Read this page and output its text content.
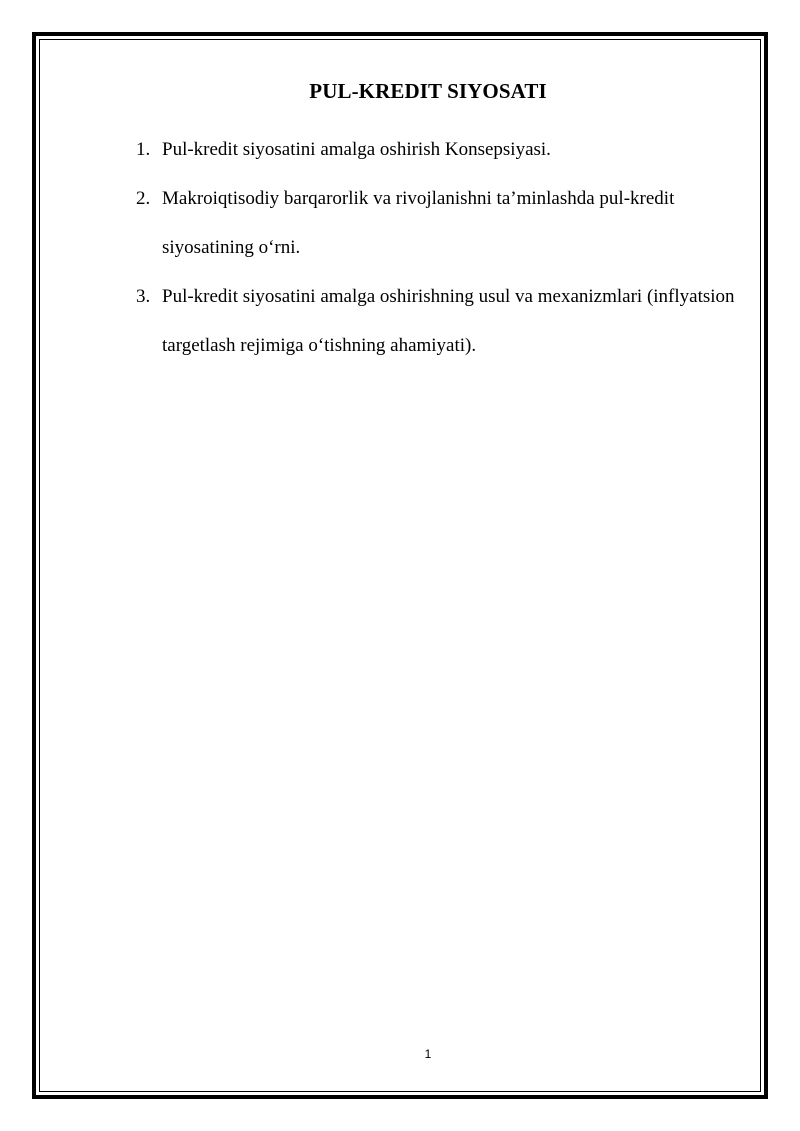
PUL-KREDIT SIYOSATI
1. Pul-kredit siyosatini amalga oshirish Konsepsiyasi.
2. Makroiqtisodiy barqarorlik va rivojlanishni ta’minlashda pul-kredit siyosatining o‘rni.
3. Pul-kredit siyosatini amalga oshirishning usul va mexanizmlari (inflyatsion targetlash rejimiga o‘tishning ahamiyati).
1
